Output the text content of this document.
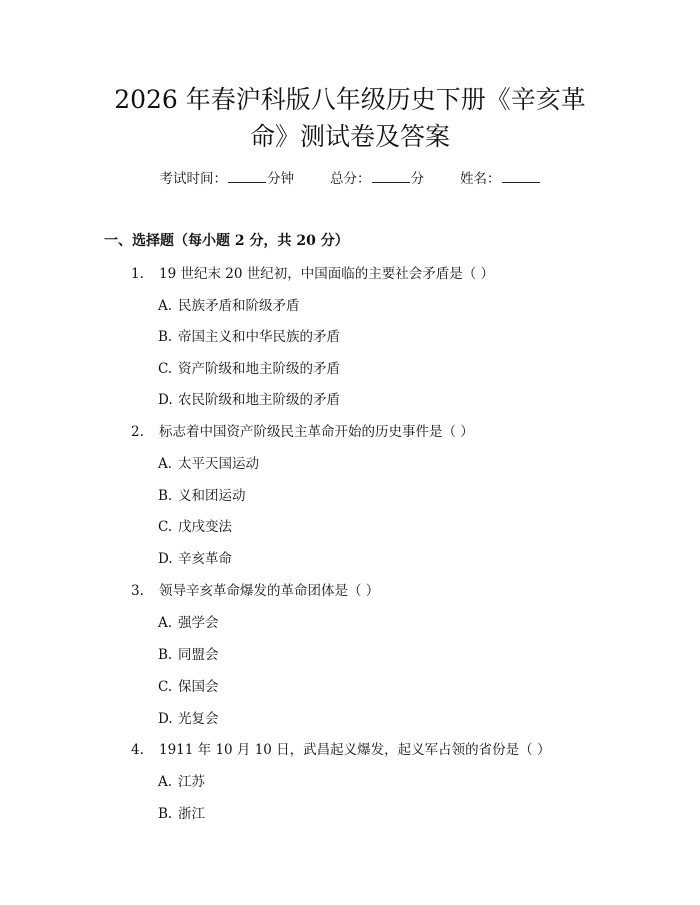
2026 年春沪科版八年级历史下册《辛亥革
命》测试卷及答案
考试时间：	分钟	总分：	分	姓名：
一、选择题（每小题 2 分，共 20 分）
1. 19 世纪末 20 世纪初，中国面临的主要社会矛盾是（ ）
A. 民族矛盾和阶级矛盾
B. 帝国主义和中华民族的矛盾
C. 资产阶级和地主阶级的矛盾
D. 农民阶级和地主阶级的矛盾
2. 标志着中国资产阶级民主革命开始的历史事件是（ ）
A. 太平天国运动
B. 义和团运动
C. 戊戌变法
D. 辛亥革命
3. 领导辛亥革命爆发的革命团体是（ ）
A. 强学会
B. 同盟会
C. 保国会
D. 光复会
4. 1911 年 10 月 10 日，武昌起义爆发，起义军占领的省份是（ ）
A. 江苏
B. 浙江
